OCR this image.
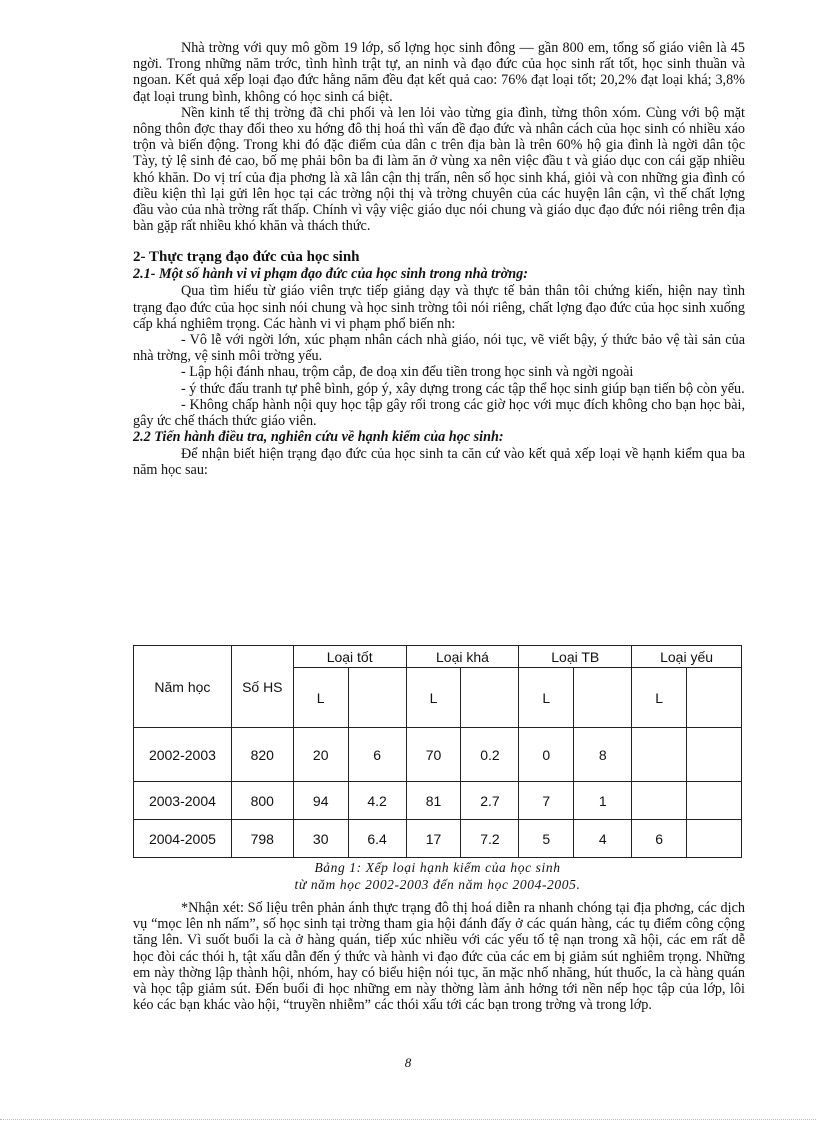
Nhà trờng với quy mô gồm 19 lớp, số lợng học sinh đông — gần 800 em, tổng số giáo viên là 45 ngời. Trong những năm trớc, tình hình trật tự, an ninh và đạo đức của học sinh rất tốt, học sinh thuần và ngoan. Kết quả xếp loại đạo đức hằng năm đều đạt kết quả cao: 76% đạt loại tốt; 20,2% đạt loại khá; 3,8% đạt loại trung bình, không có học sinh cá biệt.

Nền kinh tế thị trờng đã chi phối và len lỏi vào từng gia đình, từng thôn xóm. Cùng với bộ mặt nông thôn đợc thay đổi theo xu hớng đô thị hoá thì vấn đề đạo đức và nhân cách của học sinh có nhiều xáo trộn và biến động. Trong khi đó đặc điểm của dân c trên địa bàn là trên 60% hộ gia đình là ngời dân tộc Tày, tỷ lệ sinh đẻ cao, bố mẹ phải bôn ba đi làm ăn ở vùng xa nên việc đầu t và giáo dục con cái gặp nhiều khó khăn. Do vị trí của địa phơng là xã lân cận thị trấn, nên số học sinh khá, giỏi và con những gia đình có điều kiện thì lại gửi lên học tại các trờng nội thị và trờng chuyên của các huyện lân cận, vì thế chất lợng đầu vào của nhà trờng rất thấp. Chính vì vậy việc giáo dục nói chung và giáo dục đạo đức nói riêng trên địa bàn gặp rất nhiều khó khăn và thách thức.

2- Thực trạng đạo đức của học sinh

2.1- Một số hành vi vi phạm đạo đức của học sinh trong nhà trờng:

Qua tìm hiểu từ giáo viên trực tiếp giảng dạy và thực tế bản thân tôi chứng kiến, hiện nay tình trạng đạo đức của học sinh nói chung và học sinh trờng tôi nói riêng, chất lợng đạo đức của học sinh xuống cấp khá nghiêm trọng. Các hành vi vi phạm phổ biến nh:

- Vô lễ với ngời lớn, xúc phạm nhân cách nhà giáo, nói tục, vẽ viết bậy, ý thức bảo vệ tài sản của nhà trờng, vệ sinh môi trờng yếu.

- Lập hội đánh nhau, trộm cắp, đe doạ xin đểu tiền trong học sinh và ngời ngoài

- ý thức đấu tranh tự phê bình, góp ý, xây dựng trong các tập thể học sinh giúp bạn tiến bộ còn yếu.

- Không chấp hành nội quy học tập gây rối trong các giờ học với mục đích không cho bạn học bài, gây ức chế thách thức giáo viên.

2.2 Tiến hành điều tra, nghiên cứu về hạnh kiểm của học sinh:

Để nhận biết hiện trạng đạo đức của học sinh ta căn cứ vào kết quả xếp loại về hạnh kiểm qua ba năm học sau:

Năm học	Số HS	Loại tốt		Loại khá		Loại TB		Loại yếu	
		L		L		L		L	
2002-2003	820	20	6	70	0.2	0	8		
2003-2004	800	94	4.2	81	2.7	7	1		
2004-2005	798	30	6.4	17	7.2	5	4	6	
Bảng 1: Xếp loại hạnh kiểm của học sinh
từ năm học 2002-2003 đến năm học 2004-2005.

*Nhận xét: Số liệu trên phản ánh thực trạng đô thị hoá diễn ra nhanh chóng tại địa phơng, các dịch vụ “mọc lên nh nấm”, số học sinh tại trờng tham gia hội đánh đấy ở các quán hàng, các tụ điểm công cộng tăng lên. Vì suốt buổi la cà ở hàng quán, tiếp xúc nhiều với các yếu tố tệ nạn trong xã hội, các em rất dễ học đòi các thói h, tật xấu dẫn đến ý thức và hành vi đạo đức của các em bị giảm sút nghiêm trọng. Những em này thờng lập thành hội, nhóm, hay có biểu hiện nói tục, ăn mặc nhố nhăng, hút thuốc, la cà hàng quán và học tập giảm sút. Đến buổi đi học những em này thờng làm ảnh hởng tới nền nếp học tập của lớp, lôi kéo các bạn khác vào hội, “truyền nhiễm” các thói xấu tới các bạn trong trờng và trong lớp.

8
